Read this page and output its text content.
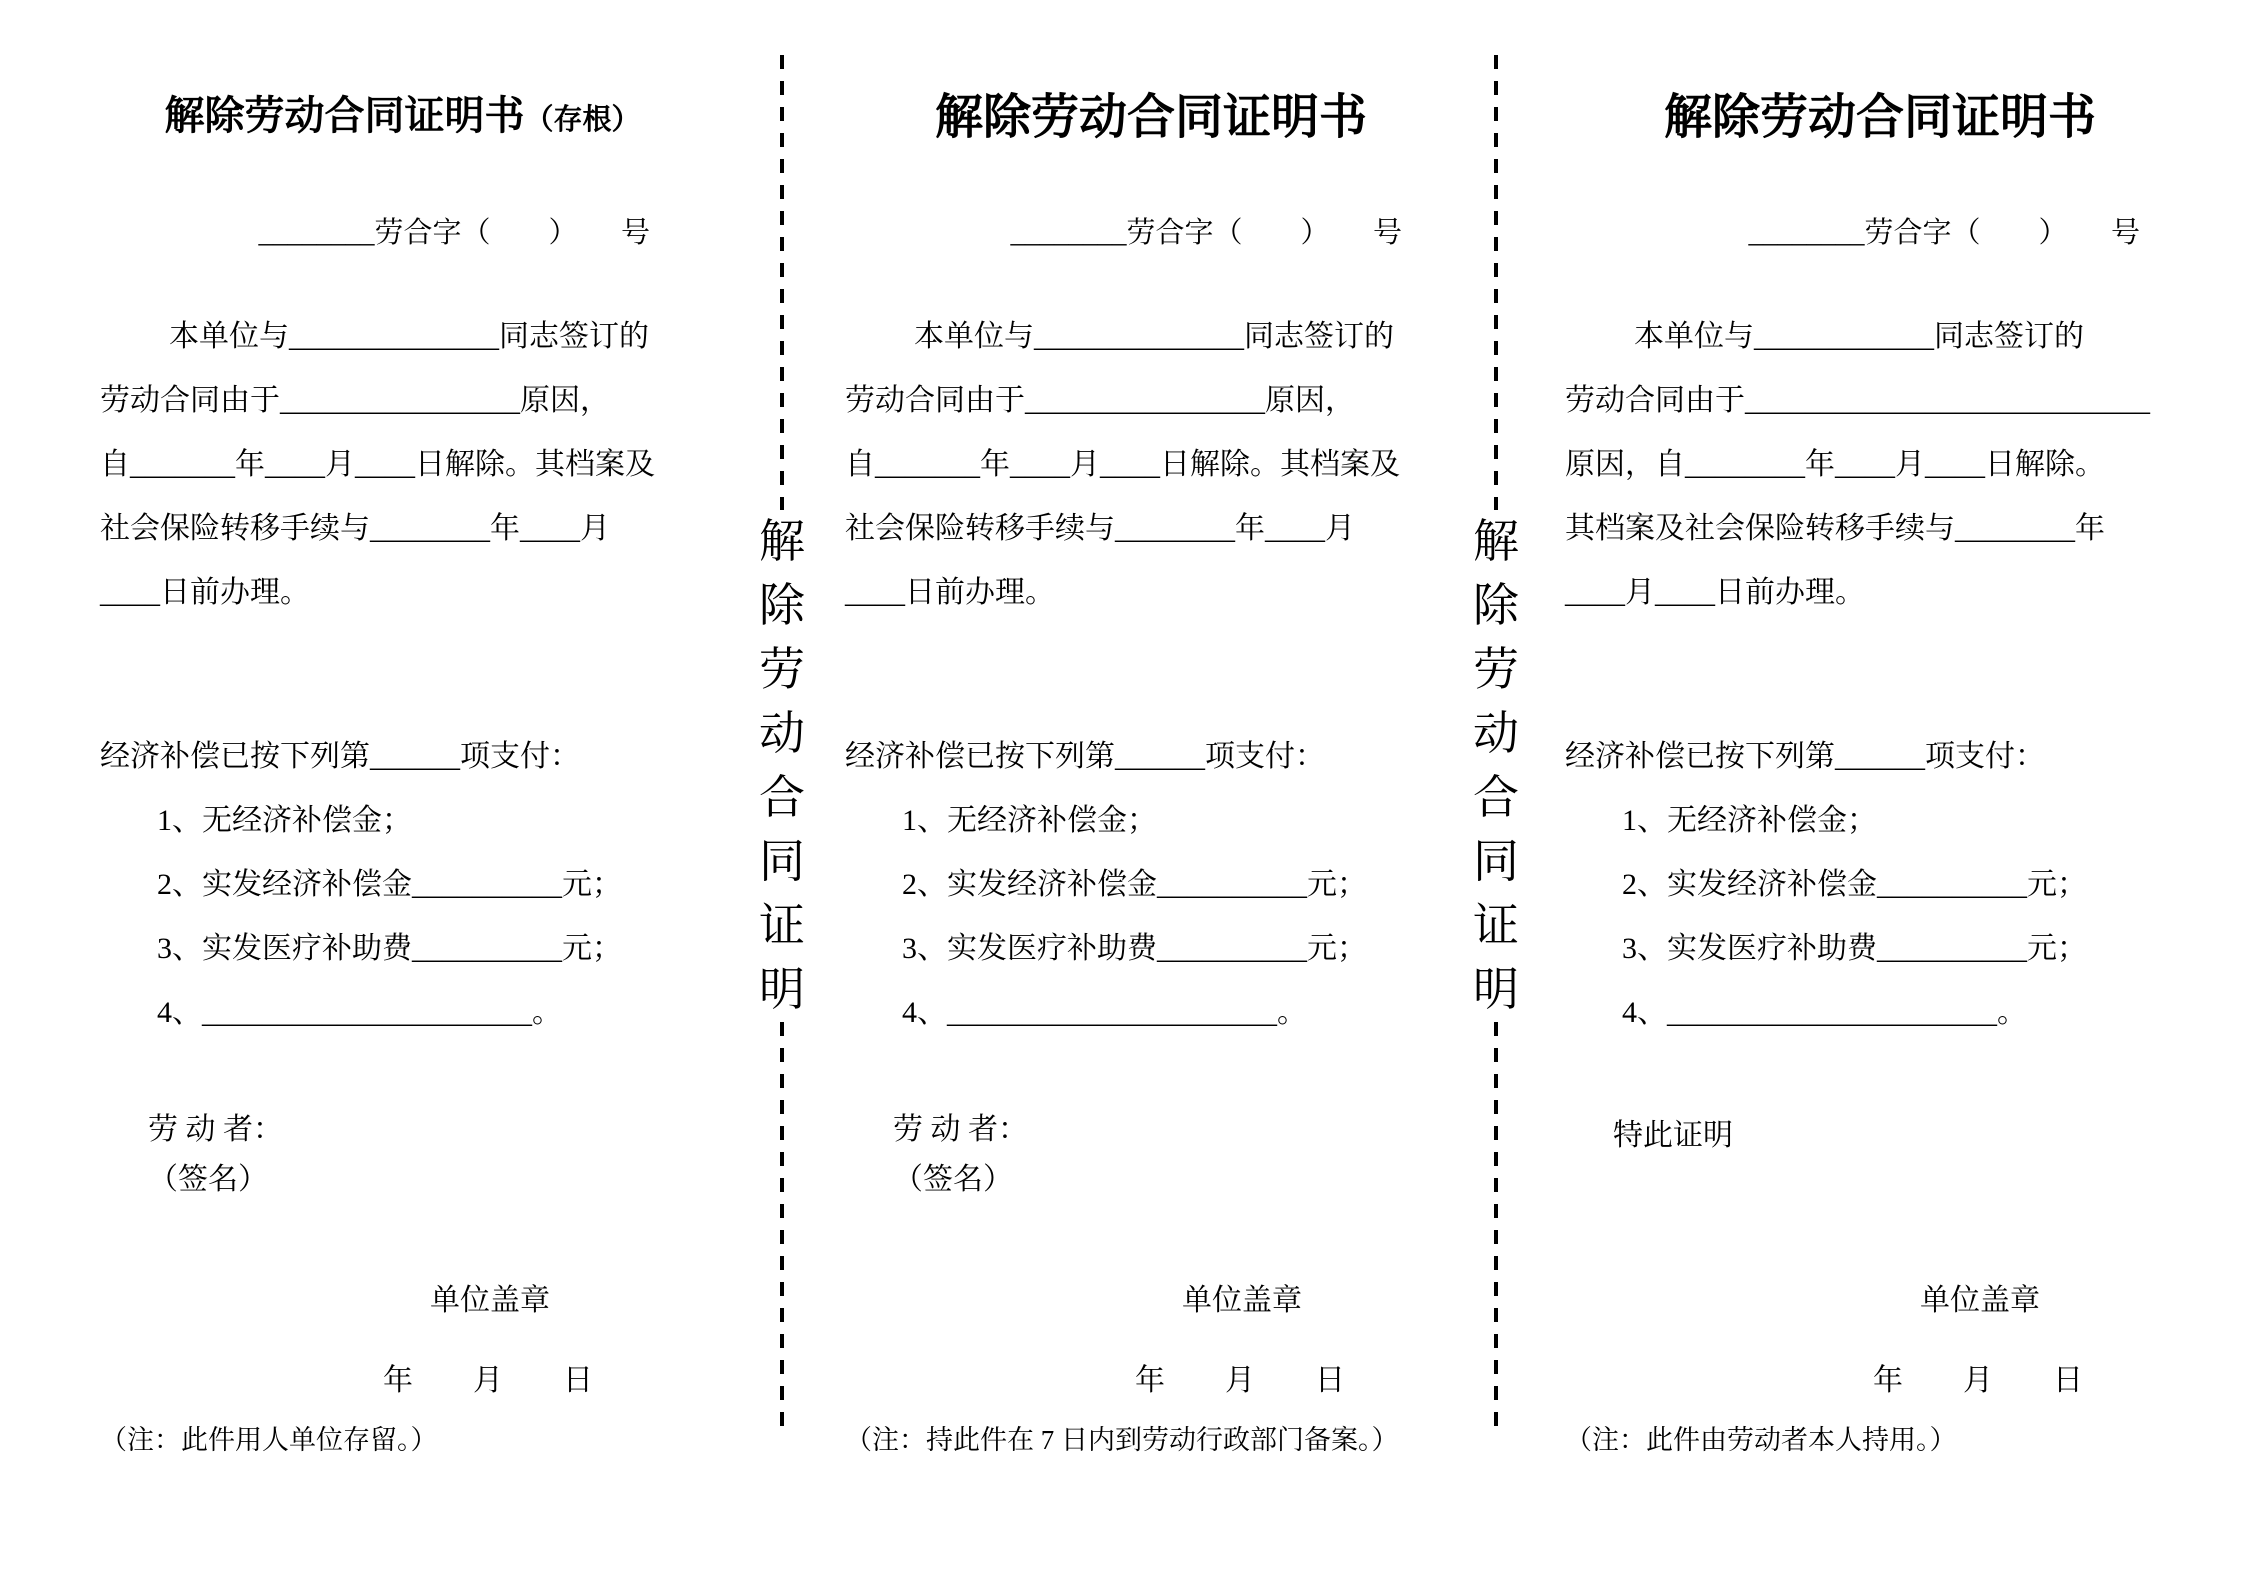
解除劳动合同证明书（存根）
________劳合字（　　）　　号
本单位与______________同志签订的
劳动合同由于________________原因，
自_______年____月____日解除。其档案及
社会保险转移手续与________年____月
____日前办理。
经济补偿已按下列第______项支付：
1、无经济补偿金；
2、实发经济补偿金__________元；
3、实发医疗补助费__________元；
4、______________________。
劳 动 者：
（签名）
单位盖章
年　　月　　日
（注：此件用人单位存留。）
解
除
劳
动
合
同
证
明
解除劳动合同证明书
________劳合字（　　）　　号
本单位与______________同志签订的
劳动合同由于________________原因，
自_______年____月____日解除。其档案及
社会保险转移手续与________年____月
____日前办理。
经济补偿已按下列第______项支付：
1、无经济补偿金；
2、实发经济补偿金__________元；
3、实发医疗补助费__________元；
4、______________________。
劳 动 者：
（签名）
单位盖章
年　　月　　日
（注：持此件在 7 日内到劳动行政部门备案。）
解
除
劳
动
合
同
证
明
解除劳动合同证明书
________劳合字（　　）　　号
本单位与____________同志签订的
劳动合同由于___________________________
原因，自________年____月____日解除。
其档案及社会保险转移手续与________年
____月____日前办理。
经济补偿已按下列第______项支付：
1、无经济补偿金；
2、实发经济补偿金__________元；
3、实发医疗补助费__________元；
4、______________________。
特此证明
单位盖章
年　　月　　日
（注：此件由劳动者本人持用。）
